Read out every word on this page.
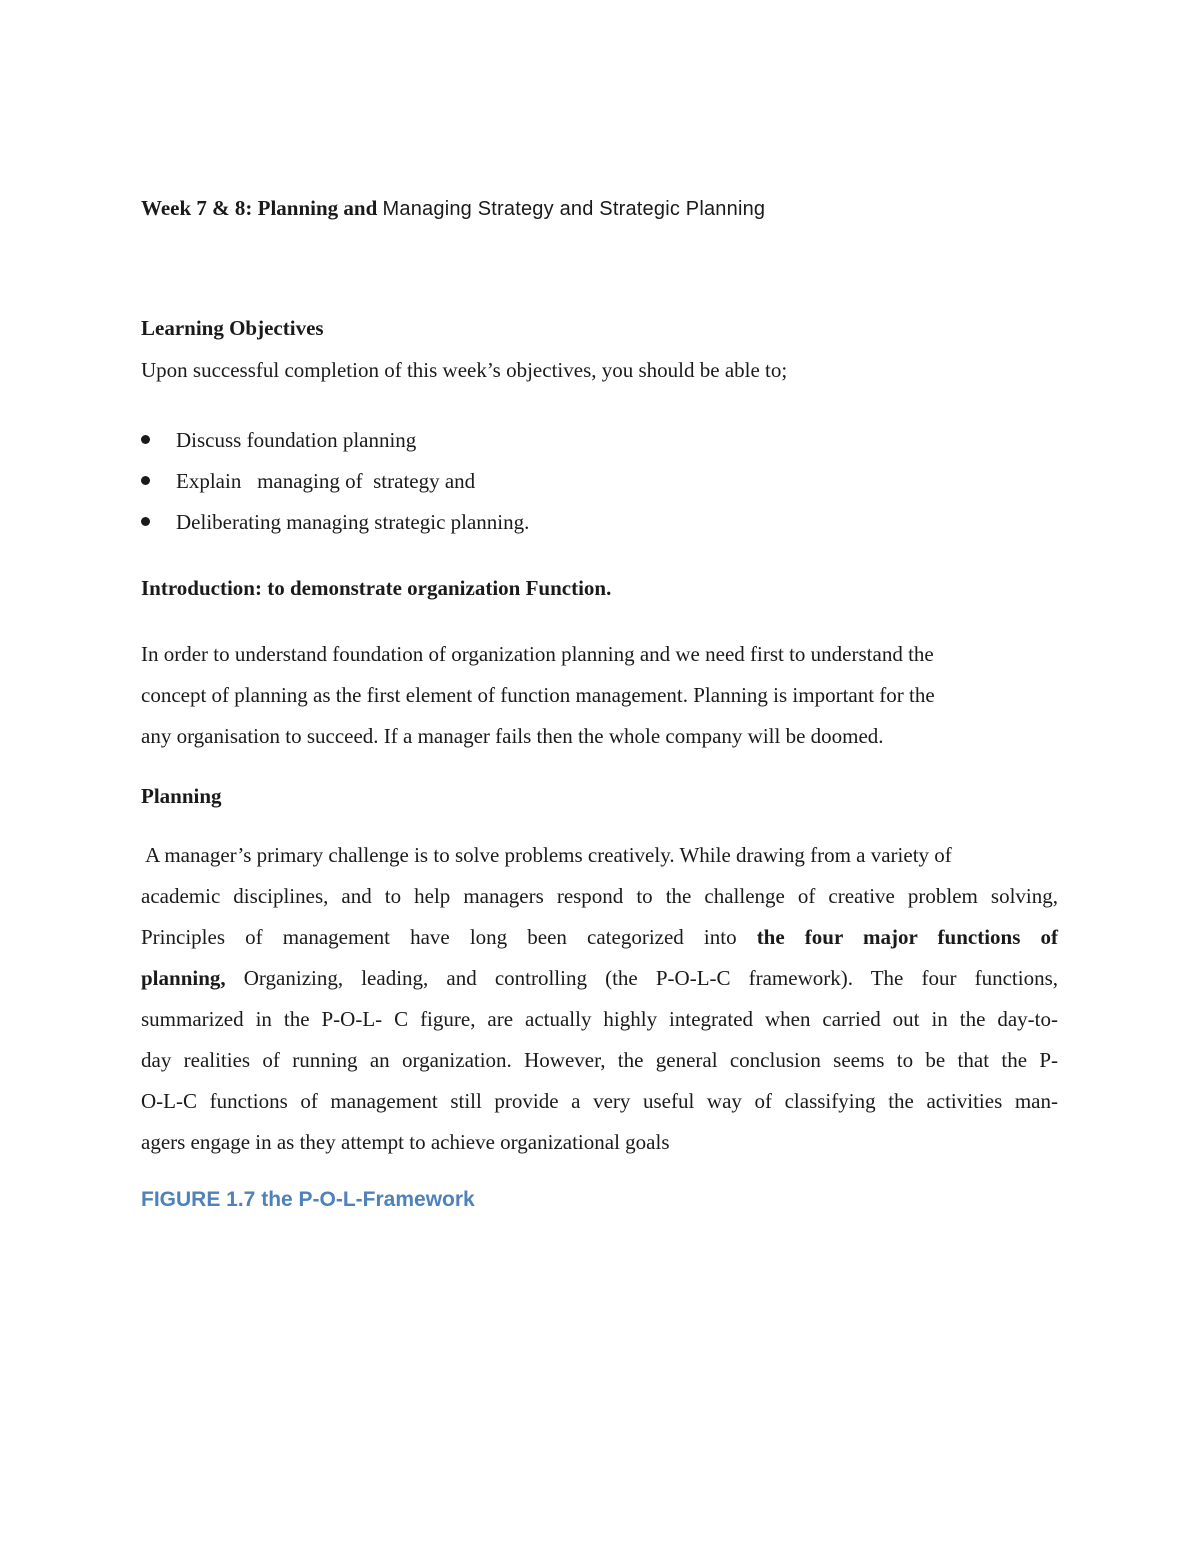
Week 7 & 8: Planning and Managing Strategy and Strategic Planning
Learning Objectives
Upon successful completion of this week’s objectives, you should be able to;
Discuss foundation planning
Explain   managing of  strategy and
Deliberating managing strategic planning.
Introduction: to demonstrate organization Function.
In order to understand foundation of organization planning and we need first to understand the
concept of planning as the first element of function management. Planning is important for the
any organisation to succeed. If a manager fails then the whole company will be doomed.
Planning
A manager’s primary challenge is to solve problems creatively. While drawing from a variety of
academic disciplines, and to help managers respond to the challenge of creative problem solving,
Principles of management have long been categorized into the four major functions of
planning, Organizing, leading, and controlling (the P-O-L-C framework). The four functions,
summarized in the P-O-L- C figure, are actually highly integrated when carried out in the day-to-
day realities of running an organization. However, the general conclusion seems to be that the P-
O-L-C functions of management still provide a very useful way of classifying the activities man-
agers engage in as they attempt to achieve organizational goals
FIGURE 1.7 the P-O-L-Framework
